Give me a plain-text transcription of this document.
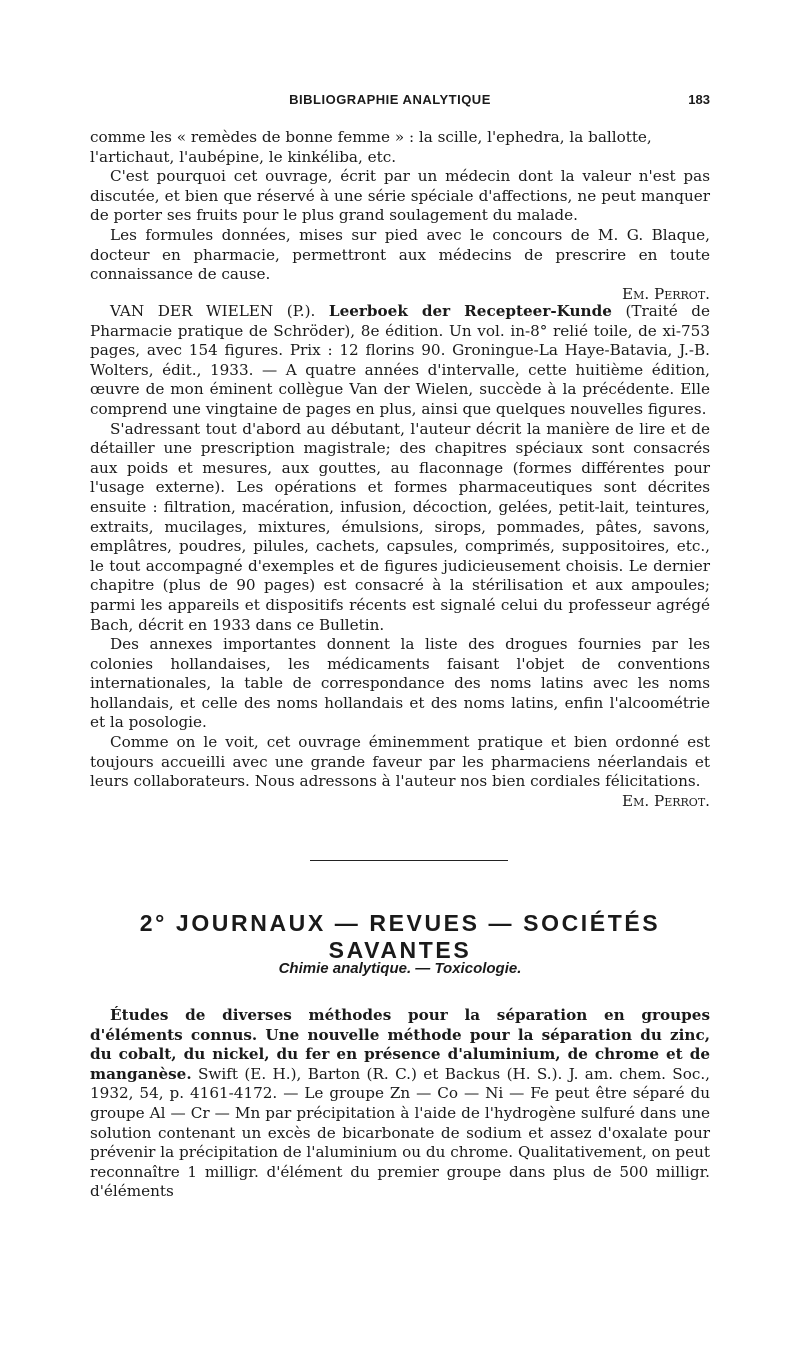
BIBLIOGRAPHIE ANALYTIQUE	183

comme les « remèdes de bonne femme » : la scille, l'ephedra, la ballotte,

l'artichaut, l'aubépine, le kinkéliba, etc.

C'est pourquoi cet ouvrage, écrit par un médecin dont la valeur n'est pas discutée, et bien que réservé à une série spéciale d'affections, ne peut manquer de porter ses fruits pour le plus grand soulagement du malade.

Les formules données, mises sur pied avec le concours de M. G. Blaque, docteur en pharmacie, permettront aux médecins de prescrire en toute connaissance de cause.

Em. Perrot.

VAN DER WIELEN (P.). Leerboek der Recepteer-Kunde (Traité de Pharmacie pratique de Schröder), 8e édition. Un vol. in-8° relié toile, de xi-753 pages, avec 154 figures. Prix : 12 florins 90. Groningue-La Haye-Batavia, J.-B. Wolters, édit., 1933. — A quatre années d'intervalle, cette huitième édition, œuvre de mon éminent collègue Van der Wielen, succède à la précédente. Elle comprend une vingtaine de pages en plus, ainsi que quelques nouvelles figures.

S'adressant tout d'abord au débutant, l'auteur décrit la manière de lire et de détailler une prescription magistrale; des chapitres spéciaux sont consacrés aux poids et mesures, aux gouttes, au flaconnage (formes différentes pour l'usage externe). Les opérations et formes pharmaceutiques sont décrites ensuite : filtration, macération, infusion, décoction, gelées, petit-lait, teintures, extraits, mucilages, mixtures, émulsions, sirops, pommades, pâtes, savons, emplâtres, poudres, pilules, cachets, capsules, comprimés, suppositoires, etc., le tout accompagné d'exemples et de figures judicieusement choisis. Le dernier chapitre (plus de 90 pages) est consacré à la stérilisation et aux ampoules; parmi les appareils et dispositifs récents est signalé celui du professeur agrégé Bach, décrit en 1933 dans ce Bulletin.

Des annexes importantes donnent la liste des drogues fournies par les colonies hollandaises, les médicaments faisant l'objet de conventions internationales, la table de correspondance des noms latins avec les noms hollandais, et celle des noms hollandais et des noms latins, enfin l'alcoométrie et la posologie.

Comme on le voit, cet ouvrage éminemment pratique et bien ordonné est toujours accueilli avec une grande faveur par les pharmaciens néerlandais et leurs collaborateurs. Nous adressons à l'auteur nos bien cordiales félicitations.

Em. Perrot.

2° JOURNAUX — REVUES — SOCIÉTÉS SAVANTES
Chimie analytique. — Toxicologie.

Études de diverses méthodes pour la séparation en groupes d'éléments connus. Une nouvelle méthode pour la séparation du zinc, du cobalt, du nickel, du fer en présence d'aluminium, de chrome et de manganèse. Swift (E. H.), Barton (R. C.) et Backus (H. S.). J. am. chem. Soc., 1932, 54, p. 4161-4172. — Le groupe Zn — Co — Ni — Fe peut être séparé du groupe Al — Cr — Mn par précipitation à l'aide de l'hydrogène sulfuré dans une solution contenant un excès de bicarbonate de sodium et assez d'oxalate pour prévenir la précipitation de l'aluminium ou du chrome. Qualitativement, on peut reconnaître 1 milligr. d'élément du premier groupe dans plus de 500 milligr. d'éléments
